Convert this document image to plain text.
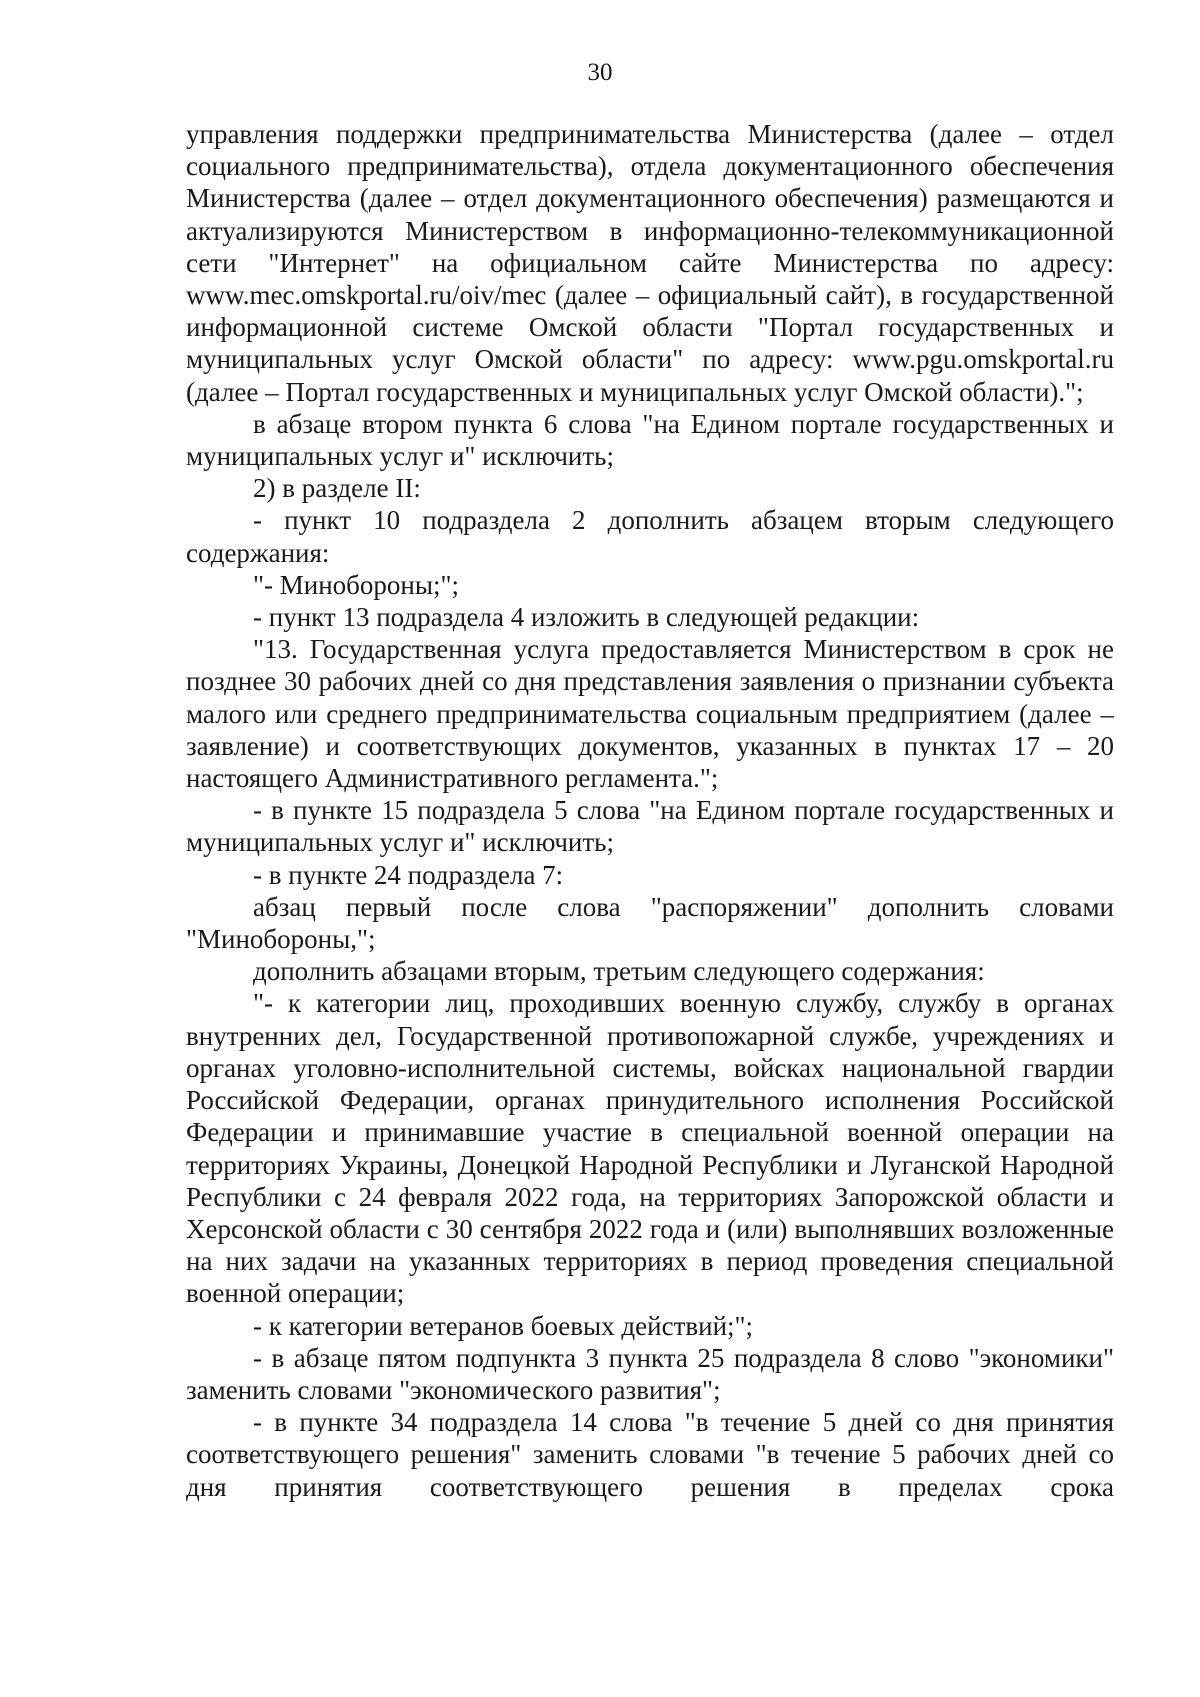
30

управления поддержки предпринимательства Министерства (далее – отдел социального предпринимательства), отдела документационного обеспечения Министерства (далее – отдел документационного обеспечения) размещаются и актуализируются Министерством в информационно-телекоммуникационной сети "Интернет" на официальном сайте Министерства по адресу: www.mec.omskportal.ru/oiv/mec (далее – официальный сайт), в государственной информационной системе Омской области "Портал государственных и муниципальных услуг Омской области" по адресу: www.pgu.omskportal.ru (далее – Портал государственных и муниципальных услуг Омской области).";

в абзаце втором пункта 6 слова "на Едином портале государственных и муниципальных услуг и" исключить;

2) в разделе II:

- пункт 10 подраздела 2 дополнить абзацем вторым следующего содержания:

"- Минобороны;";

- пункт 13 подраздела 4 изложить в следующей редакции:

"13. Государственная услуга предоставляется Министерством в срок не позднее 30 рабочих дней со дня представления заявления о признании субъекта малого или среднего предпринимательства социальным предприятием (далее – заявление) и соответствующих документов, указанных в пунктах 17 – 20 настоящего Административного регламента.";

- в пункте 15 подраздела 5 слова "на Едином портале государственных и муниципальных услуг и" исключить;

- в пункте 24 подраздела 7:

абзац первый после слова "распоряжении" дополнить словами "Минобороны,";

дополнить абзацами вторым, третьим следующего содержания:

"- к категории лиц, проходивших военную службу, службу в органах внутренних дел, Государственной противопожарной службе, учреждениях и органах уголовно-исполнительной системы, войсках национальной гвардии Российской Федерации, органах принудительного исполнения Российской Федерации и принимавшие участие в специальной военной операции на территориях Украины, Донецкой Народной Республики и Луганской Народной Республики с 24 февраля 2022 года, на территориях Запорожской области и Херсонской области с 30 сентября 2022 года и (или) выполнявших возложенные на них задачи на указанных территориях в период проведения специальной военной операции;

- к категории ветеранов боевых действий;";

- в абзаце пятом подпункта 3 пункта 25 подраздела 8 слово "экономики" заменить словами "экономического развития";

- в пункте 34 подраздела 14 слова "в течение 5 дней со дня принятия соответствующего решения" заменить словами "в течение 5 рабочих дней со дня принятия соответствующего решения в пределах срока
